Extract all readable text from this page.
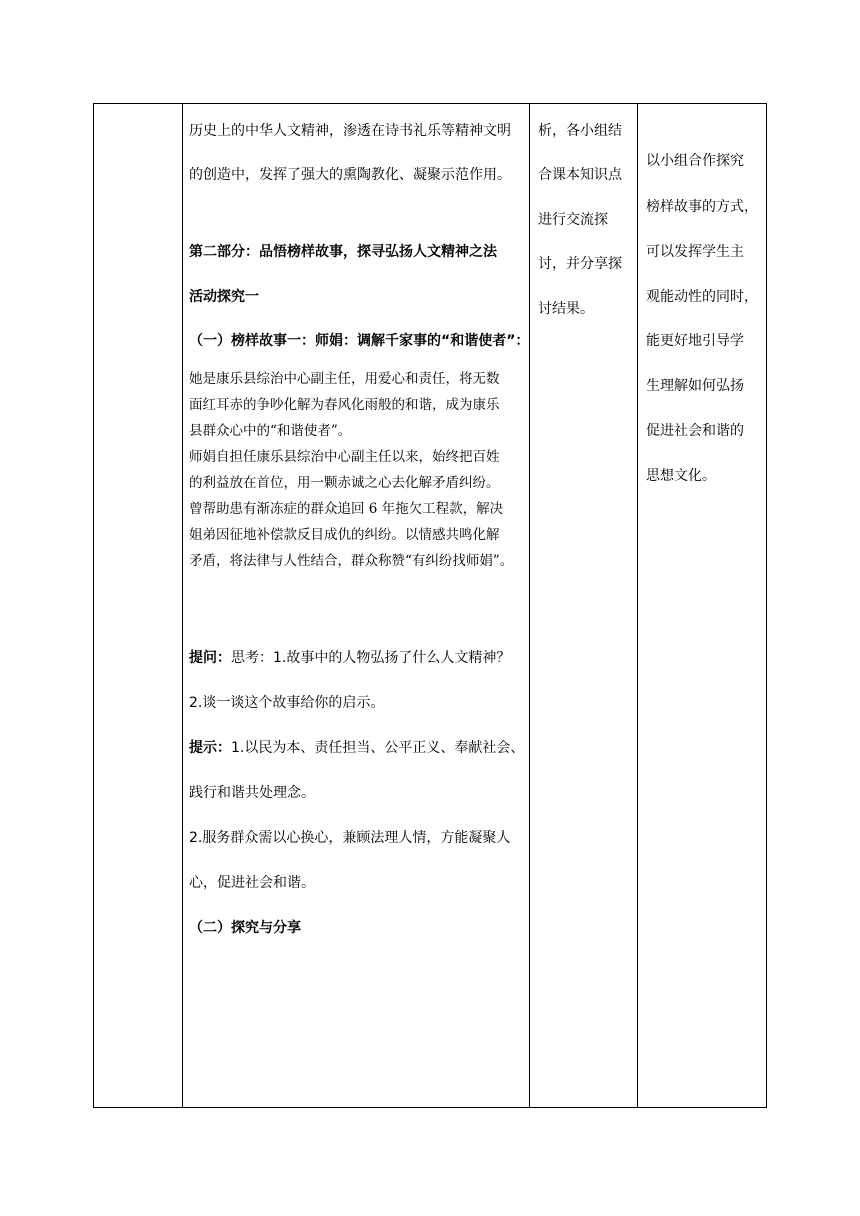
历史上的中华人文精神，渗透在诗书礼乐等精神文明
的创造中，发挥了强大的熏陶教化、凝聚示范作用。
第二部分：品悟榜样故事，探寻弘扬人文精神之法
活动探究一
（一）榜样故事一：师娟：调解千家事的“和谐使者”：
她是康乐县综治中心副主任，用爱心和责任，将无数
面红耳赤的争吵化解为春风化雨般的和谐，成为康乐
县群众心中的“和谐使者”。
师娟自担任康乐县综治中心副主任以来，始终把百姓
的利益放在首位，用一颗赤诚之心去化解矛盾纠纷。
曾帮助患有渐冻症的群众追回 6 年拖欠工程款，解决
姐弟因征地补偿款反目成仇的纠纷。以情感共鸣化解
矛盾，将法律与人性结合，群众称赞“有纠纷找师娟”。
提问：思考：1.故事中的人物弘扬了什么人文精神？
2.谈一谈这个故事给你的启示。
提示：1.以民为本、责任担当、公平正义、奉献社会、
践行和谐共处理念。
2.服务群众需以心换心，兼顾法理人情，方能凝聚人
心，促进社会和谐。
（二）探究与分享
析，各小组结
合课本知识点
进行交流探
讨，并分享探
讨结果。
以小组合作探究
榜样故事的方式，
可以发挥学生主
观能动性的同时，
能更好地引导学
生理解如何弘扬
促进社会和谐的
思想文化。
